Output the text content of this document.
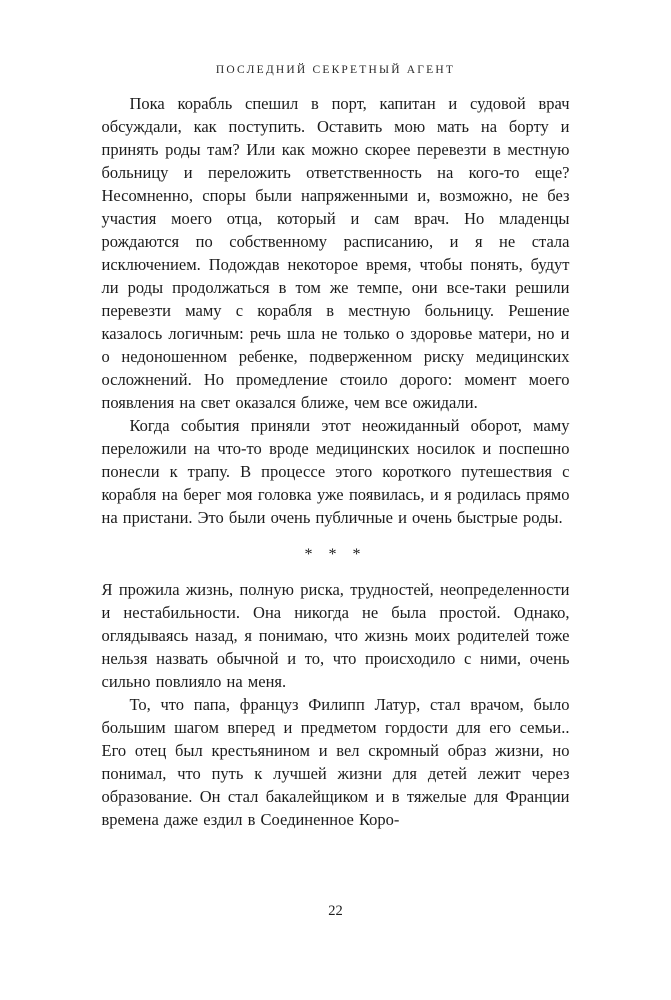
ПОСЛЕДНИЙ СЕКРЕТНЫЙ АГЕНТ

Пока корабль спешил в порт, капитан и судовой врач обсуждали, как поступить. Оставить мою мать на борту и принять роды там? Или как можно скорее перевезти в местную больницу и переложить ответственность на кого-то еще? Несомненно, споры были напряженными и, возможно, не без участия моего отца, который и сам врач. Но младенцы рождаются по собственному расписанию, и я не стала исключением. Подождав некоторое время, чтобы понять, будут ли роды продолжаться в том же темпе, они все-таки решили перевезти маму с корабля в местную больницу. Решение казалось логичным: речь шла не только о здоровье матери, но и о недоношенном ребенке, подверженном риску медицинских осложнений. Но промедление стоило дорого: момент моего появления на свет оказался ближе, чем все ожидали.

Когда события приняли этот неожиданный оборот, маму переложили на что-то вроде медицинских носилок и поспешно понесли к трапу. В процессе этого короткого путешествия с корабля на берег моя головка уже появилась, и я родилась прямо на пристани. Это были очень публичные и очень быстрые роды.

* * *

Я прожила жизнь, полную риска, трудностей, неопределенности и нестабильности. Она никогда не была простой. Однако, оглядываясь назад, я понимаю, что жизнь моих родителей тоже нельзя назвать обычной и то, что происходило с ними, очень сильно повлияло на меня.

То, что папа, француз Филипп Латур, стал врачом, было большим шагом вперед и предметом гордости для его семьи.. Его отец был крестьянином и вел скромный образ жизни, но понимал, что путь к лучшей жизни для детей лежит через образование. Он стал бакалейщиком и в тяжелые для Франции времена даже ездил в Соединенное Коро-

22
